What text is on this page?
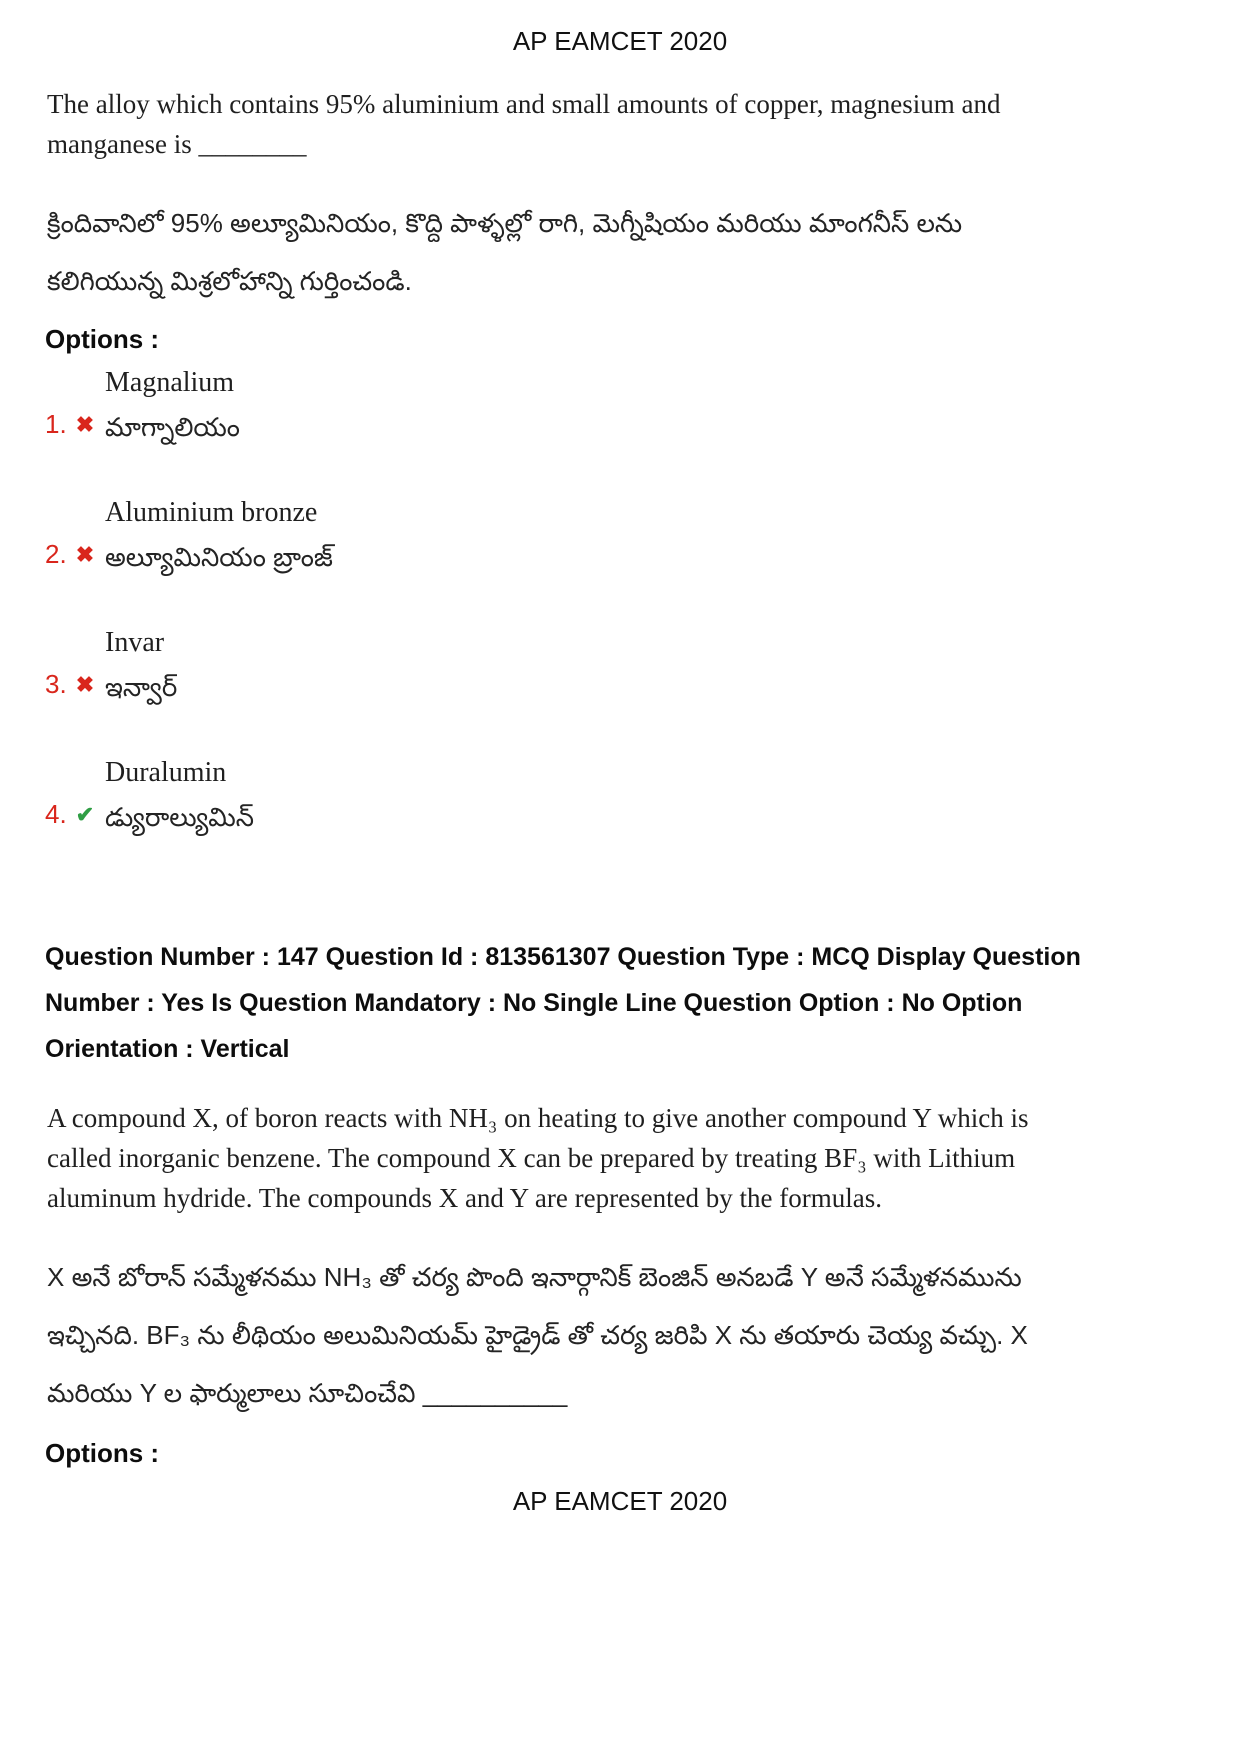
AP EAMCET 2020
The alloy which contains 95% aluminium and small amounts of copper, magnesium and
manganese is ________
క్రిందివానిలో 95% అల్యూమినియం, కొద్ది పాళ్ళల్లో రాగి, మెగ్నీషియం మరియు మాంగనీస్ లను
కలిగియున్న మిశ్రలోహాన్ని గుర్తించండి.
Options :
1. ✖
Magnalium
మాగ్నాలియం
2. ✖
Aluminium bronze
అల్యూమినియం బ్రాంజ్
3. ✖
Invar
ఇన్వార్
4. ✔
Duralumin
డ్యురాల్యుమిన్
Question Number : 147 Question Id : 813561307 Question Type : MCQ Display Question
Number : Yes Is Question Mandatory : No Single Line Question Option : No Option
Orientation : Vertical
A compound X, of boron reacts with NH₃ on heating to give another compound Y which is
called inorganic benzene. The compound X can be prepared by treating BF₃ with Lithium
aluminum hydride. The compounds X and Y are represented by the formulas.
X అనే బోరాన్ సమ్మేళనము NH₃ తో చర్య పొంది ఇనార్గానిక్ బెంజిన్ అనబడే Y అనే సమ్మేళనమును
ఇచ్చినది. BF₃ ను లీథియం అలుమినియమ్ హైడ్రైడ్ తో చర్య జరిపి X ను తయారు చెయ్య వచ్చు. X
మరియు Y ల ఫార్ములాలు సూచించేవి __________
Options :
AP EAMCET 2020
